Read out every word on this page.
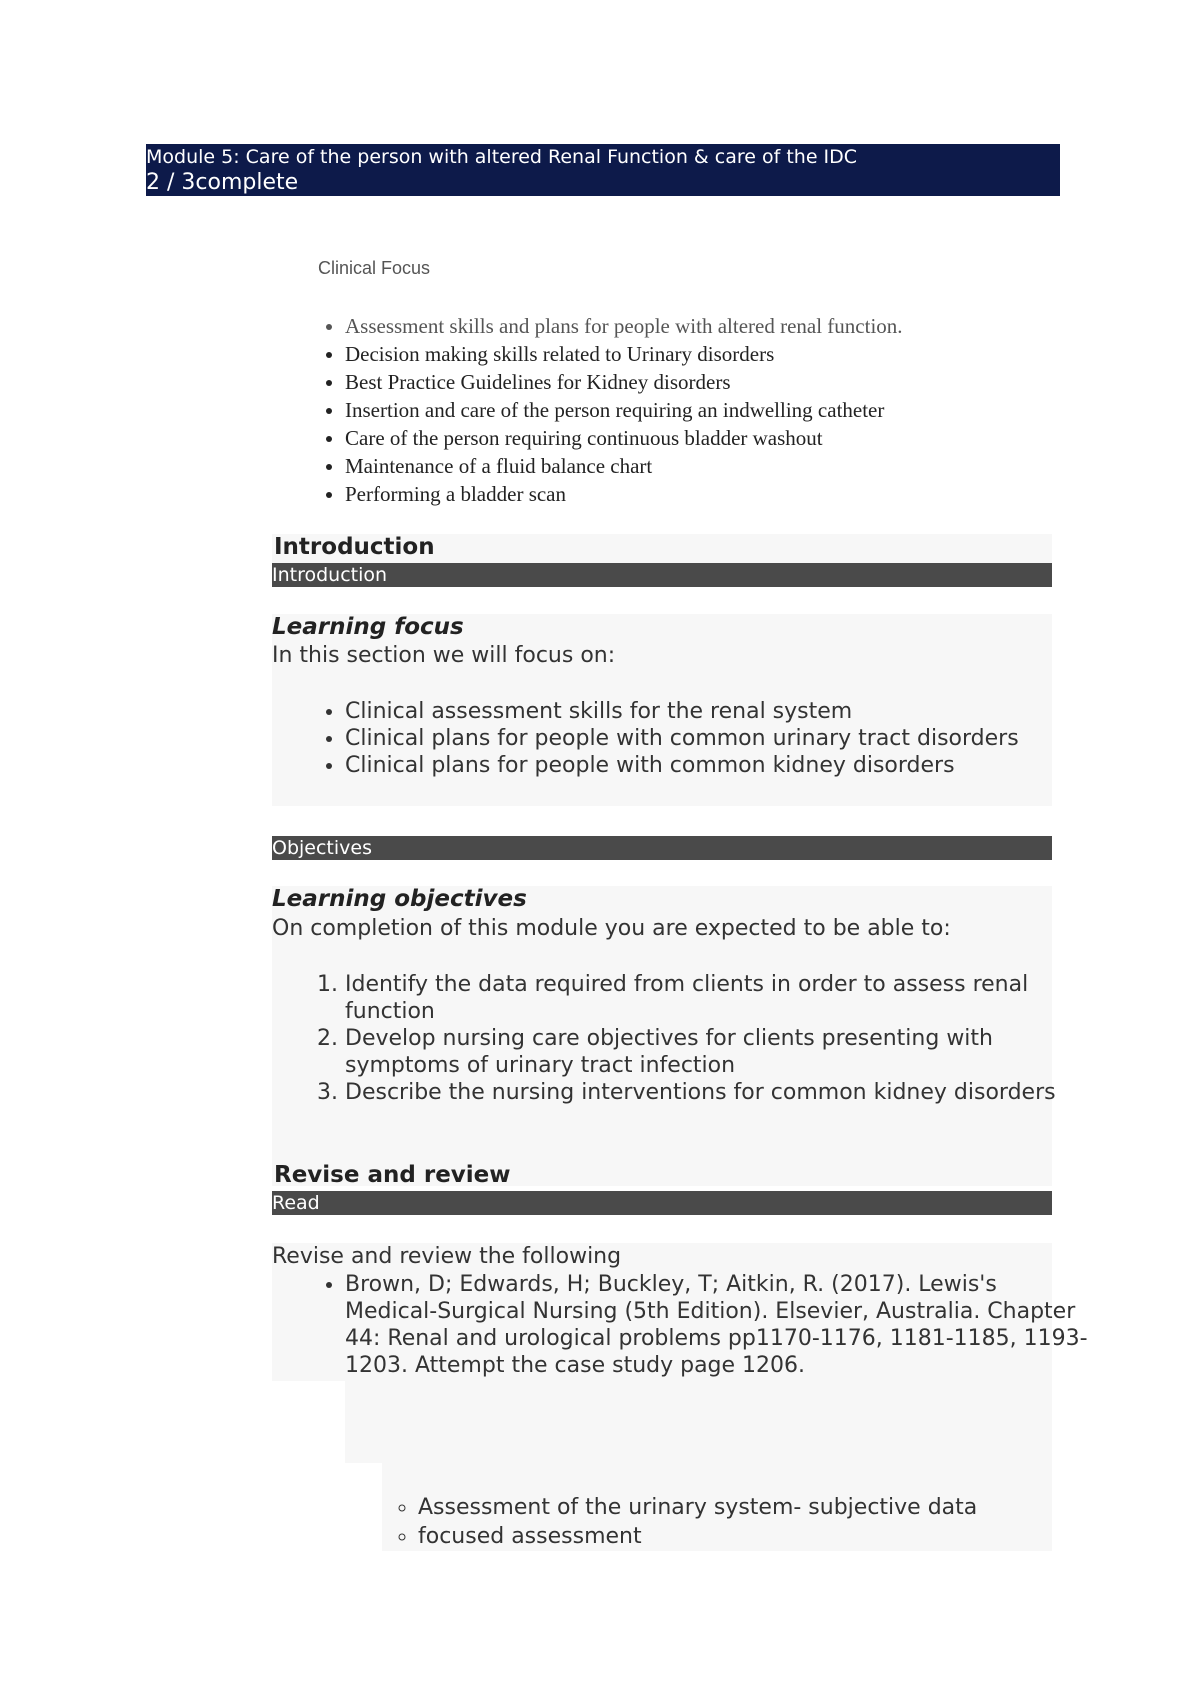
Module 5: Care of the person with altered Renal Function & care of the IDC
2 / 3complete
Clinical Focus
• Assessment skills and plans for people with altered renal function.
• Decision making skills related to Urinary disorders
• Best Practice Guidelines for Kidney disorders
• Insertion and care of the person requiring an indwelling catheter
• Care of the person requiring continuous bladder washout
• Maintenance of a fluid balance chart
• Performing a bladder scan
Introduction
Introduction
Learning focus
In this section we will focus on:
• Clinical assessment skills for the renal system
• Clinical plans for people with common urinary tract disorders
• Clinical plans for people with common kidney disorders
Objectives
Learning objectives
On completion of this module you are expected to be able to:
1. Identify the data required from clients in order to assess renal function
2. Develop nursing care objectives for clients presenting with symptoms of urinary tract infection
3. Describe the nursing interventions for common kidney disorders
Revise and review
Read
Revise and review the following
• Brown, D; Edwards, H; Buckley, T; Aitkin, R. (2017). Lewis's Medical-Surgical Nursing (5th Edition). Elsevier, Australia. Chapter 44: Renal and urological problems pp1170-1176, 1181-1185, 1193-1203. Attempt the case study page 1206.
◦ Assessment of the urinary system- subjective data
◦ focused assessment
